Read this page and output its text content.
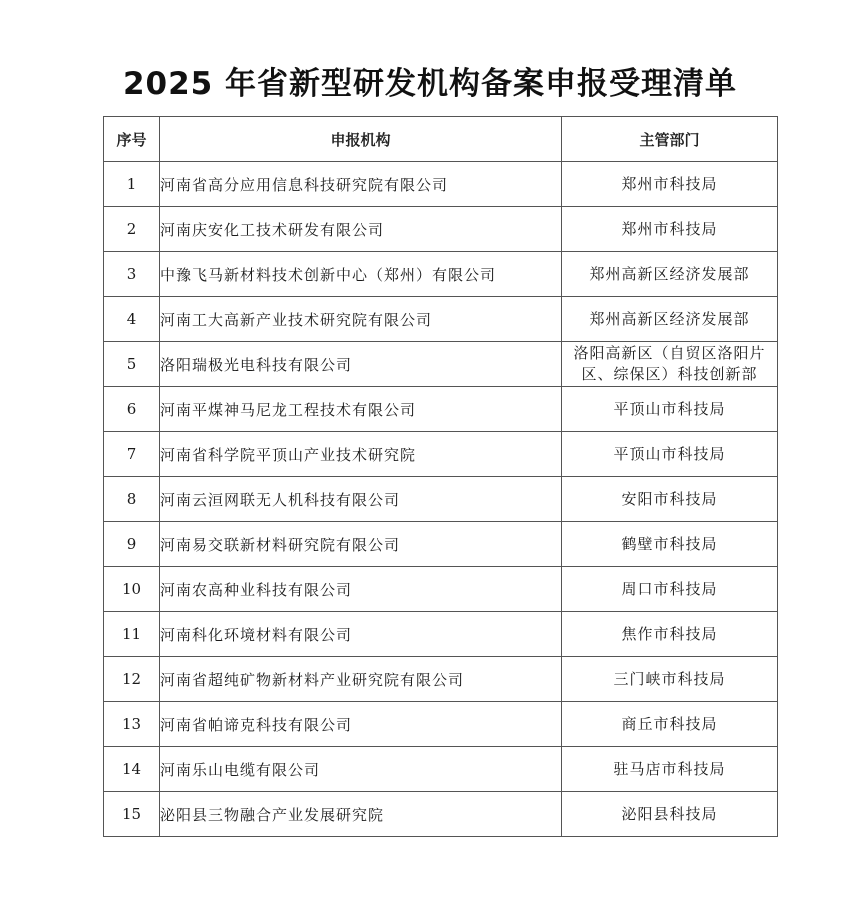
2025 年省新型研发机构备案申报受理清单
序号	申报机构	主管部门
1	河南省高分应用信息科技研究院有限公司	郑州市科技局
2	河南庆安化工技术研发有限公司	郑州市科技局
3	中豫飞马新材料技术创新中心（郑州）有限公司	郑州高新区经济发展部
4	河南工大高新产业技术研究院有限公司	郑州高新区经济发展部
5	洛阳瑞极光电科技有限公司	洛阳高新区（自贸区洛阳片区、综保区）科技创新部
6	河南平煤神马尼龙工程技术有限公司	平顶山市科技局
7	河南省科学院平顶山产业技术研究院	平顶山市科技局
8	河南云洹网联无人机科技有限公司	安阳市科技局
9	河南易交联新材料研究院有限公司	鹤壁市科技局
10	河南农高种业科技有限公司	周口市科技局
11	河南科化环境材料有限公司	焦作市科技局
12	河南省超纯矿物新材料产业研究院有限公司	三门峡市科技局
13	河南省帕谛克科技有限公司	商丘市科技局
14	河南乐山电缆有限公司	驻马店市科技局
15	泌阳县三物融合产业发展研究院	泌阳县科技局
